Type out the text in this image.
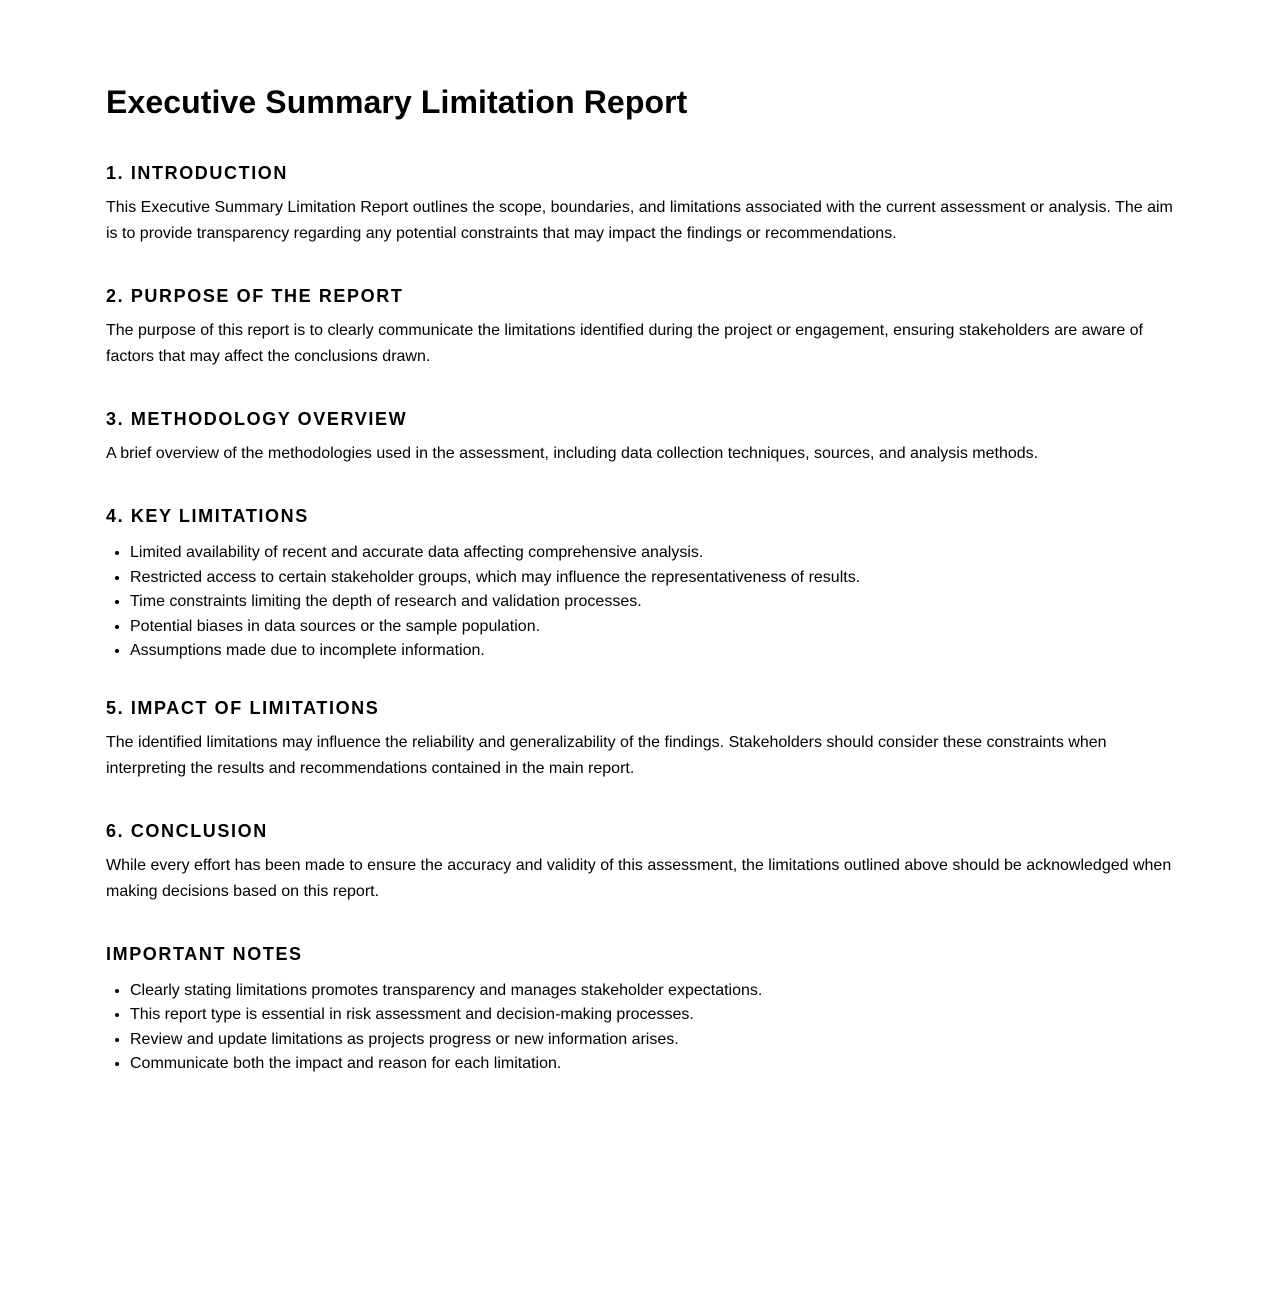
Executive Summary Limitation Report
1. INTRODUCTION

This Executive Summary Limitation Report outlines the scope, boundaries, and limitations associated with the current assessment or analysis. The aim is to provide transparency regarding any potential constraints that may impact the findings or recommendations.

2. PURPOSE OF THE REPORT

The purpose of this report is to clearly communicate the limitations identified during the project or engagement, ensuring stakeholders are aware of factors that may affect the conclusions drawn.

3. METHODOLOGY OVERVIEW

A brief overview of the methodologies used in the assessment, including data collection techniques, sources, and analysis methods.

4. KEY LIMITATIONS
• Limited availability of recent and accurate data affecting comprehensive analysis.
• Restricted access to certain stakeholder groups, which may influence the representativeness of results.
• Time constraints limiting the depth of research and validation processes.
• Potential biases in data sources or the sample population.
• Assumptions made due to incomplete information.
5. IMPACT OF LIMITATIONS

The identified limitations may influence the reliability and generalizability of the findings. Stakeholders should consider these constraints when interpreting the results and recommendations contained in the main report.

6. CONCLUSION

While every effort has been made to ensure the accuracy and validity of this assessment, the limitations outlined above should be acknowledged when making decisions based on this report.

IMPORTANT NOTES
• Clearly stating limitations promotes transparency and manages stakeholder expectations.
• This report type is essential in risk assessment and decision-making processes.
• Review and update limitations as projects progress or new information arises.
• Communicate both the impact and reason for each limitation.
